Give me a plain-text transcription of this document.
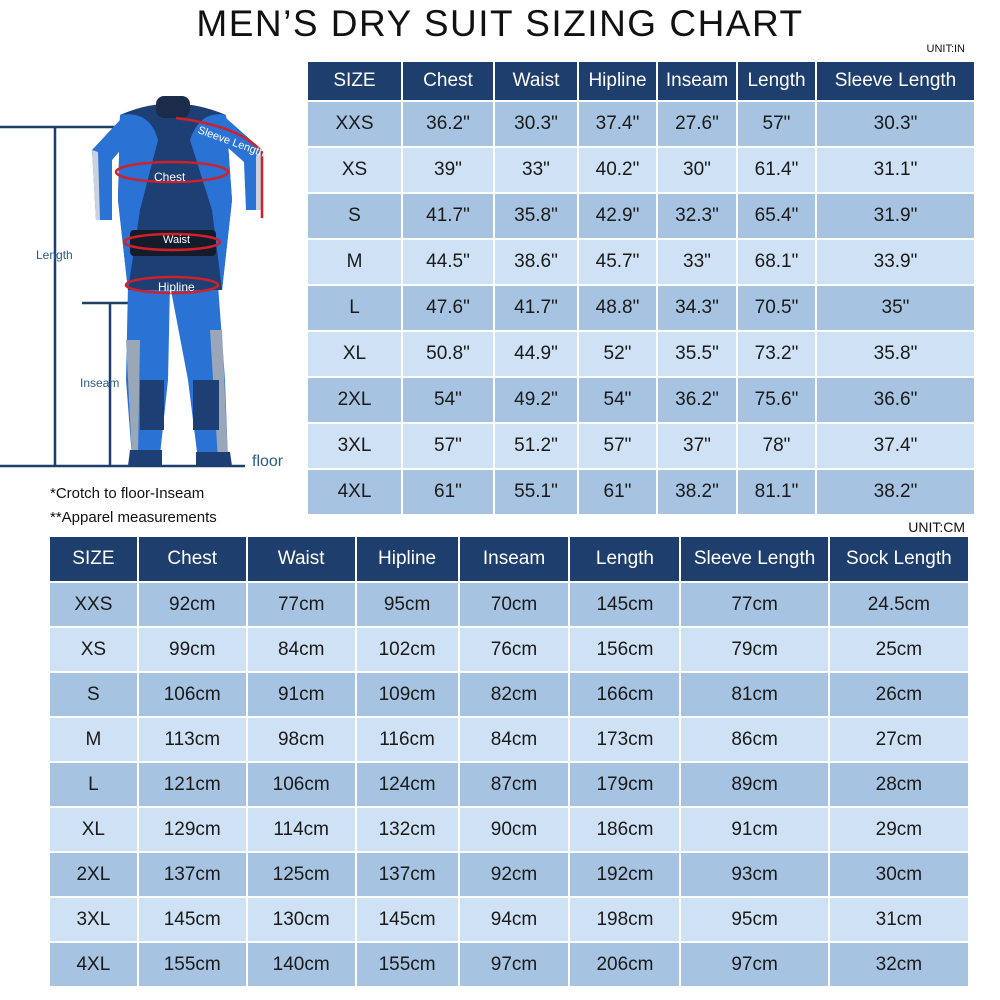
MEN’S DRY SUIT SIZING CHART
UNIT:IN
UNIT:CM
Sleeve Length
Chest
Waist
Hipline
Length
Inseam
floor
*Crotch to floor-Inseam
**Apparel measurements
SIZE	Chest	Waist	Hipline	Inseam	Length	Sleeve Length
XXS	36.2"	30.3"	37.4"	27.6"	57"	30.3"
XS	39"	33"	40.2"	30"	61.4"	31.1"
S	41.7"	35.8"	42.9"	32.3"	65.4"	31.9"
M	44.5"	38.6"	45.7"	33"	68.1"	33.9"
L	47.6"	41.7"	48.8"	34.3"	70.5"	35"
XL	50.8"	44.9"	52"	35.5"	73.2"	35.8"
2XL	54"	49.2"	54"	36.2"	75.6"	36.6"
3XL	57"	51.2"	57"	37"	78"	37.4"
4XL	61"	55.1"	61"	38.2"	81.1"	38.2"
SIZE	Chest	Waist	Hipline	Inseam	Length	Sleeve Length	Sock Length
XXS	92cm	77cm	95cm	70cm	145cm	77cm	24.5cm
XS	99cm	84cm	102cm	76cm	156cm	79cm	25cm
S	106cm	91cm	109cm	82cm	166cm	81cm	26cm
M	113cm	98cm	116cm	84cm	173cm	86cm	27cm
L	121cm	106cm	124cm	87cm	179cm	89cm	28cm
XL	129cm	114cm	132cm	90cm	186cm	91cm	29cm
2XL	137cm	125cm	137cm	92cm	192cm	93cm	30cm
3XL	145cm	130cm	145cm	94cm	198cm	95cm	31cm
4XL	155cm	140cm	155cm	97cm	206cm	97cm	32cm
